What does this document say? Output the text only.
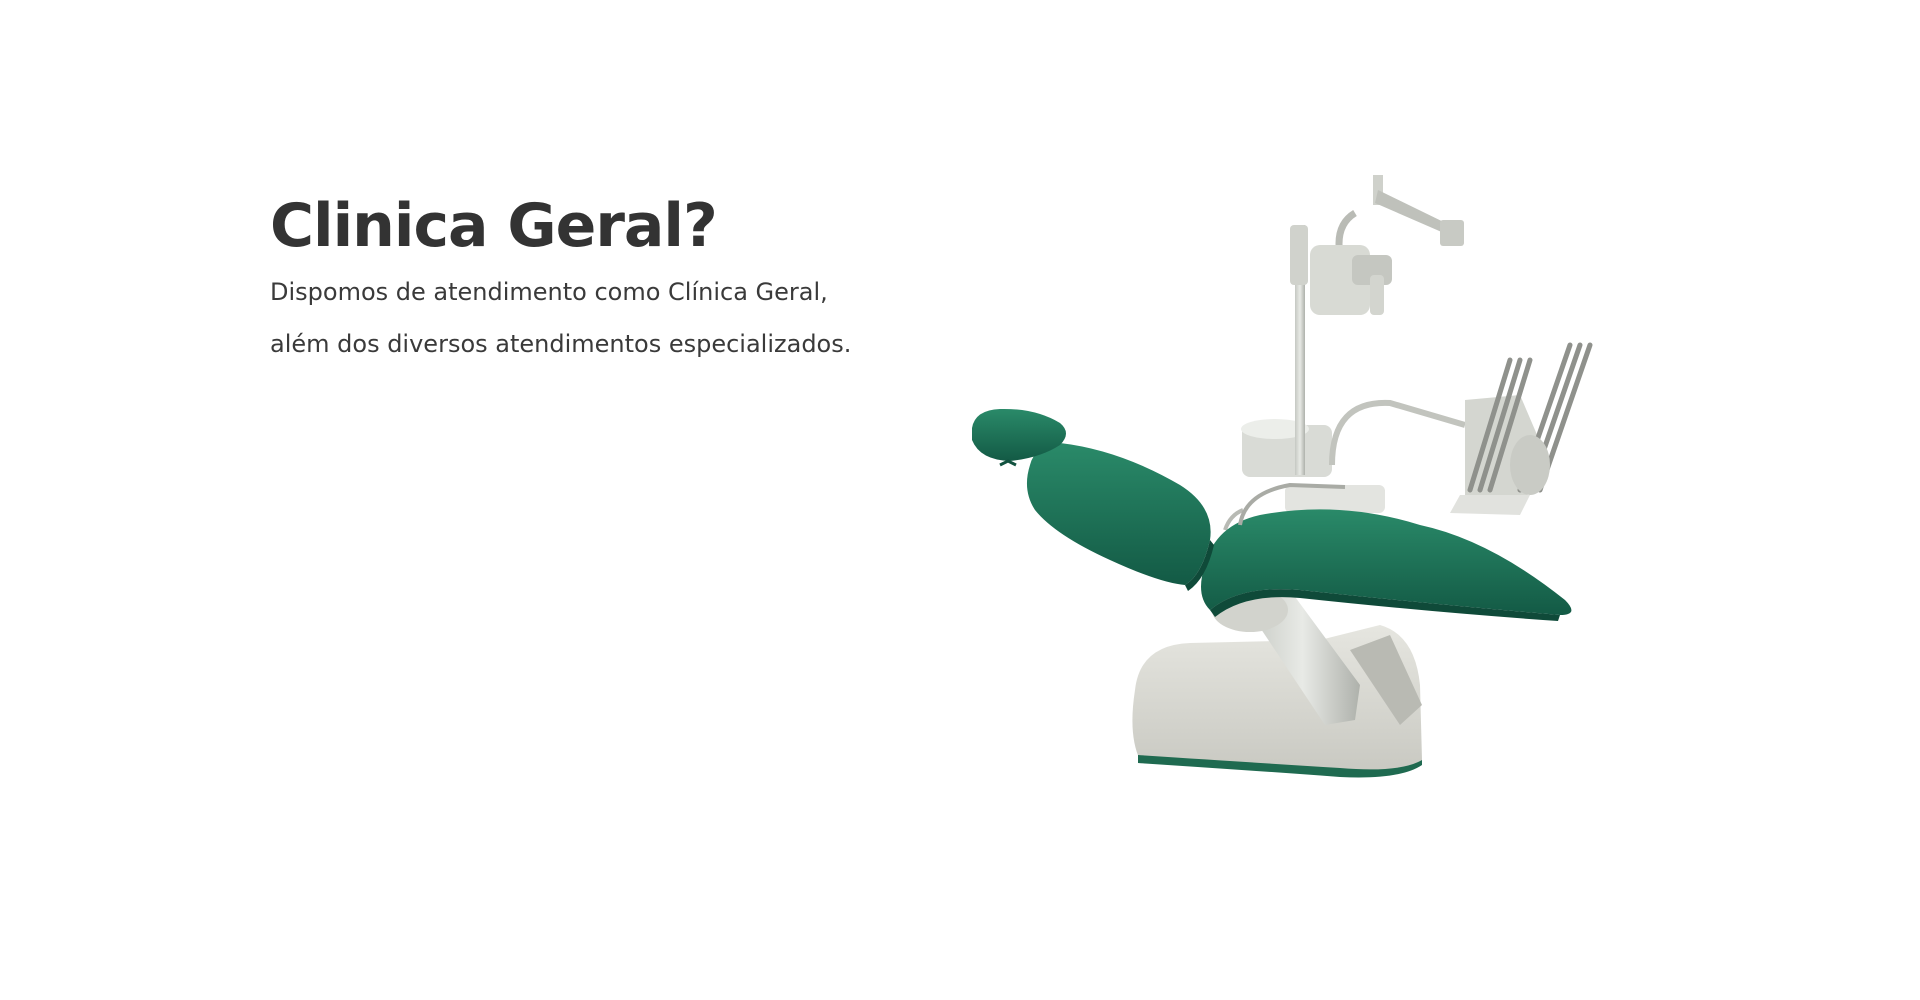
Clinica Geral?

Dispomos de atendimento como Clínica Geral,
além dos diversos atendimentos especializados.
